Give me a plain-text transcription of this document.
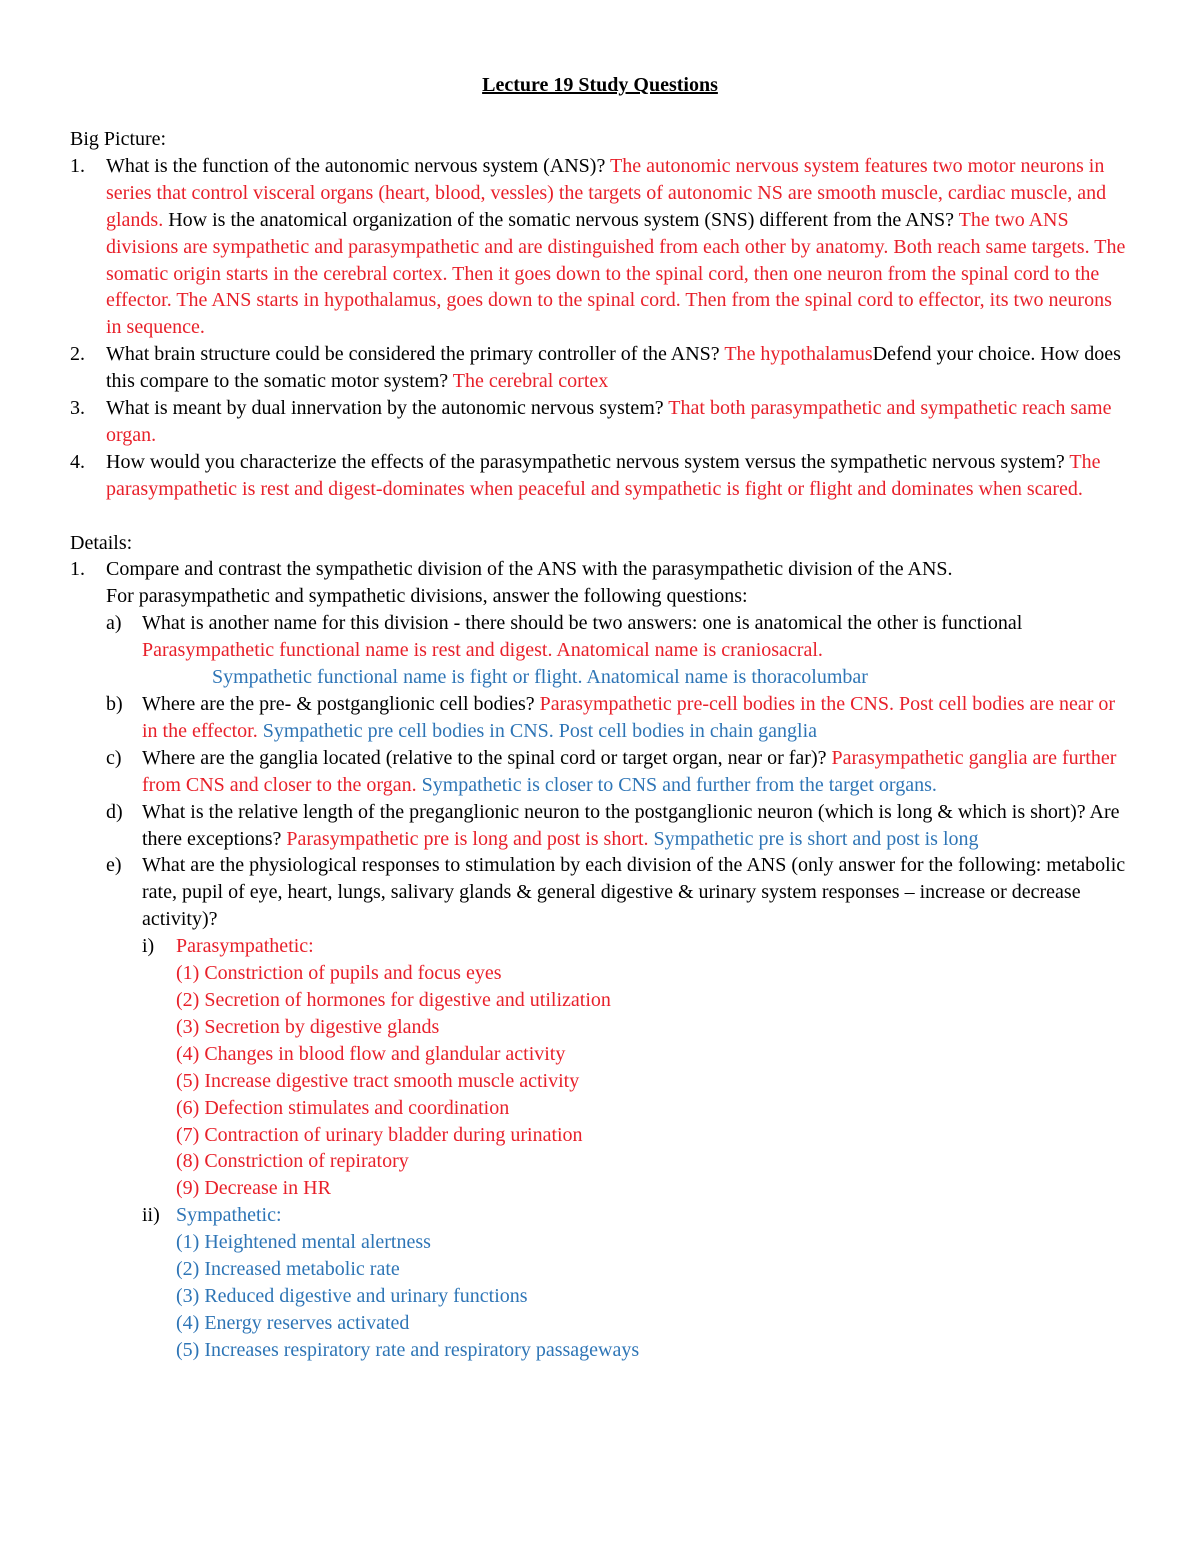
Lecture 19 Study Questions
Big Picture:
1.	What is the function of the autonomic nervous system (ANS)? The autonomic nervous system features two motor neurons in series that control visceral organs (heart, blood, vessles) the targets of autonomic NS are smooth muscle, cardiac muscle, and glands. How is the anatomical organization of the somatic nervous system (SNS) different from the ANS? The two ANS divisions are sympathetic and parasympathetic and are distinguished from each other by anatomy. Both reach same targets. The somatic origin starts in the cerebral cortex. Then it goes down to the spinal cord, then one neuron from the spinal cord to the effector. The ANS starts in hypothalamus, goes down to the spinal cord. Then from the spinal cord to effector, its two neurons in sequence.
2.	What brain structure could be considered the primary controller of the ANS? The hypothalamusDefend your choice. How does this compare to the somatic motor system? The cerebral cortex
3.	What is meant by dual innervation by the autonomic nervous system? That both parasympathetic and sympathetic reach same organ.
4.	How would you characterize the effects of the parasympathetic nervous system versus the sympathetic nervous system? The parasympathetic is rest and digest-dominates when peaceful and sympathetic is fight or flight and dominates when scared.
Details:
1.	Compare and contrast the sympathetic division of the ANS with the parasympathetic division of the ANS.
For parasympathetic and sympathetic divisions, answer the following questions:
a)	What is another name for this division - there should be two answers: one is anatomical the other is functional Parasympathetic functional name is rest and digest. Anatomical name is craniosacral.
Sympathetic functional name is fight or flight. Anatomical name is thoracolumbar
b) Where are the pre- & postganglionic cell bodies? Parasympathetic pre-cell bodies in the CNS. Post cell bodies are near or in the effector. Sympathetic pre cell bodies in CNS. Post cell bodies in chain ganglia
c)	Where are the ganglia located (relative to the spinal cord or target organ, near or far)? Parasympathetic ganglia are further from CNS and closer to the organ. Sympathetic is closer to CNS and further from the target organs.
d) What is the relative length of the preganglionic neuron to the postganglionic neuron (which is long & which is short)? Are there exceptions? Parasympathetic pre is long and post is short. Sympathetic pre is short and post is long
e)	What are the physiological responses to stimulation by each division of the ANS (only answer for the following: metabolic rate, pupil of eye, heart, lungs, salivary glands & general digestive & urinary system responses – increase or decrease activity)?
i)	Parasympathetic:
(1) Constriction of pupils and focus eyes
(2) Secretion of hormones for digestive and utilization
(3) Secretion by digestive glands
(4) Changes in blood flow and glandular activity
(5) Increase digestive tract smooth muscle activity
(6) Defection stimulates and coordination
(7) Contraction of urinary bladder during urination
(8) Constriction of repiratory
(9) Decrease in HR
ii) Sympathetic:
(1) Heightened mental alertness
(2) Increased metabolic rate
(3) Reduced digestive and urinary functions
(4) Energy reserves activated
(5) Increases respiratory rate and respiratory passageways
